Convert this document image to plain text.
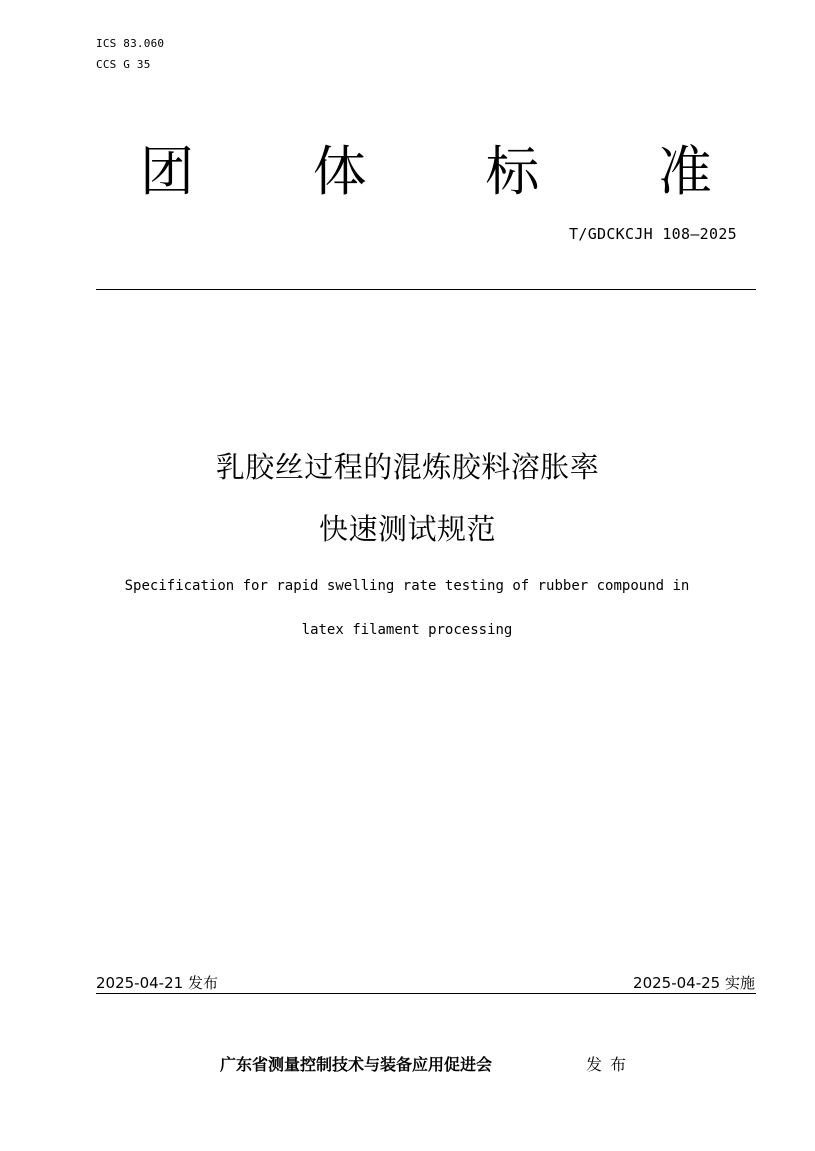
ICS 83.060
CCS G 35
团 体 标 准
T/GDCKCJH 108—2025
乳胶丝过程的混炼胶料溶胀率
快速测试规范
Specification for rapid swelling rate testing of rubber compound in
latex filament processing
2025-04-21 发布	2025-04-25 实施
广东省测量控制技术与装备应用促进会	发布
